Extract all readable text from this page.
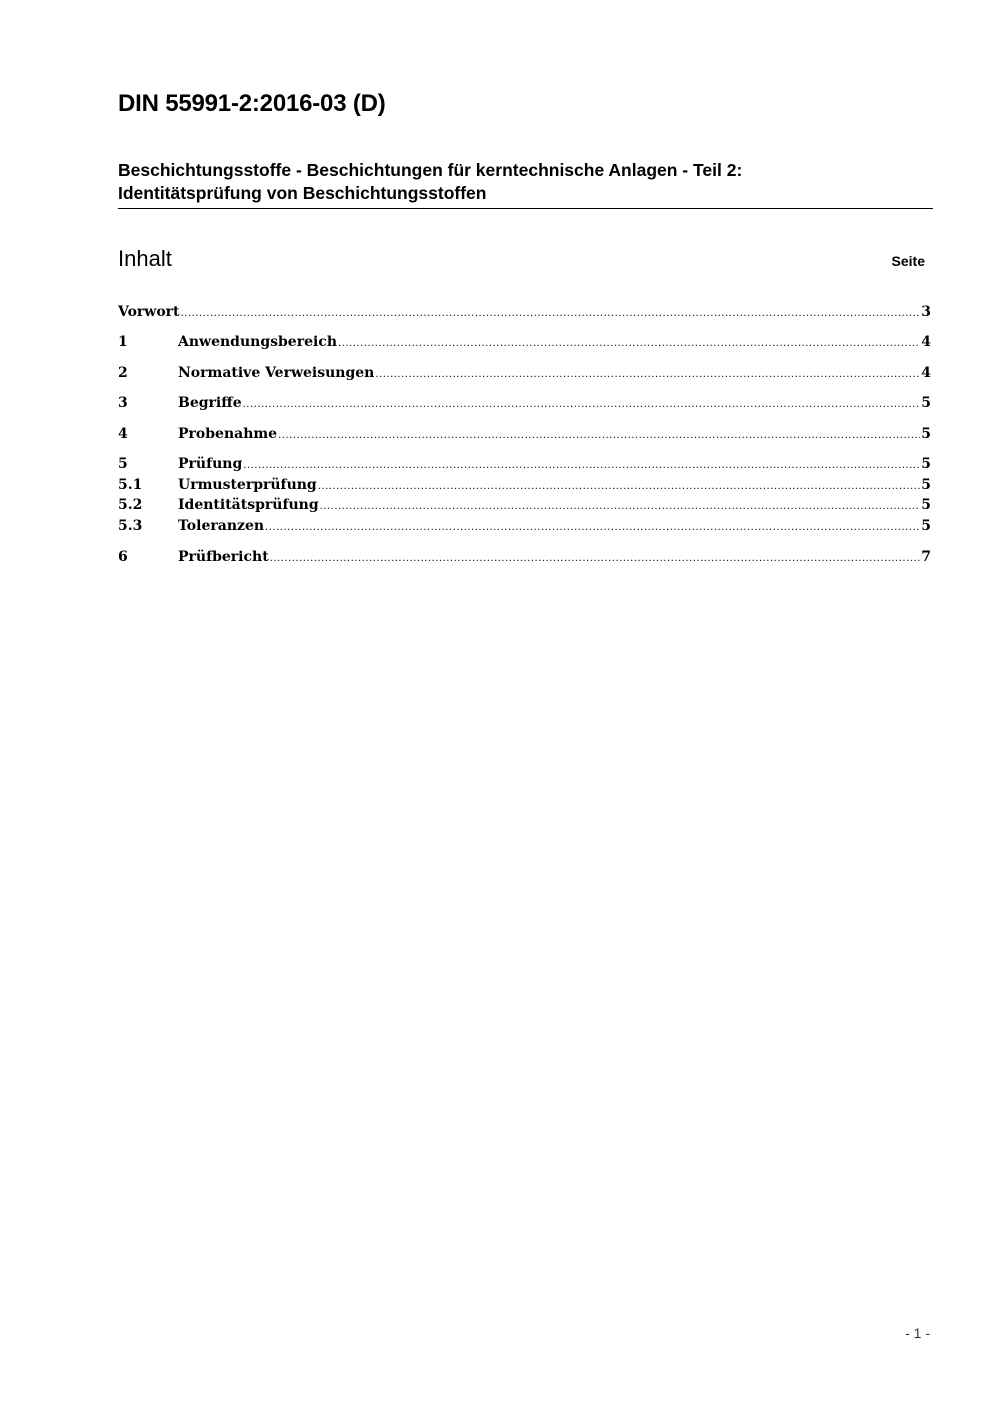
DIN 55991-2:2016-03 (D)
Beschichtungsstoffe - Beschichtungen für kerntechnische Anlagen - Teil 2:
Identitätsprüfung von Beschichtungsstoffen
Inhalt	Seite
Vorwort .....	3
1	Anwendungsbereich .....	4
2	Normative Verweisungen .....	4
3	Begriffe .....	5
4	Probenahme .....	5
5	Prüfung .....	5
5.1	Urmusterprüfung .....	5
5.2	Identitätsprüfung .....	5
5.3	Toleranzen .....	5
6	Prüfbericht .....	7
- 1 -
